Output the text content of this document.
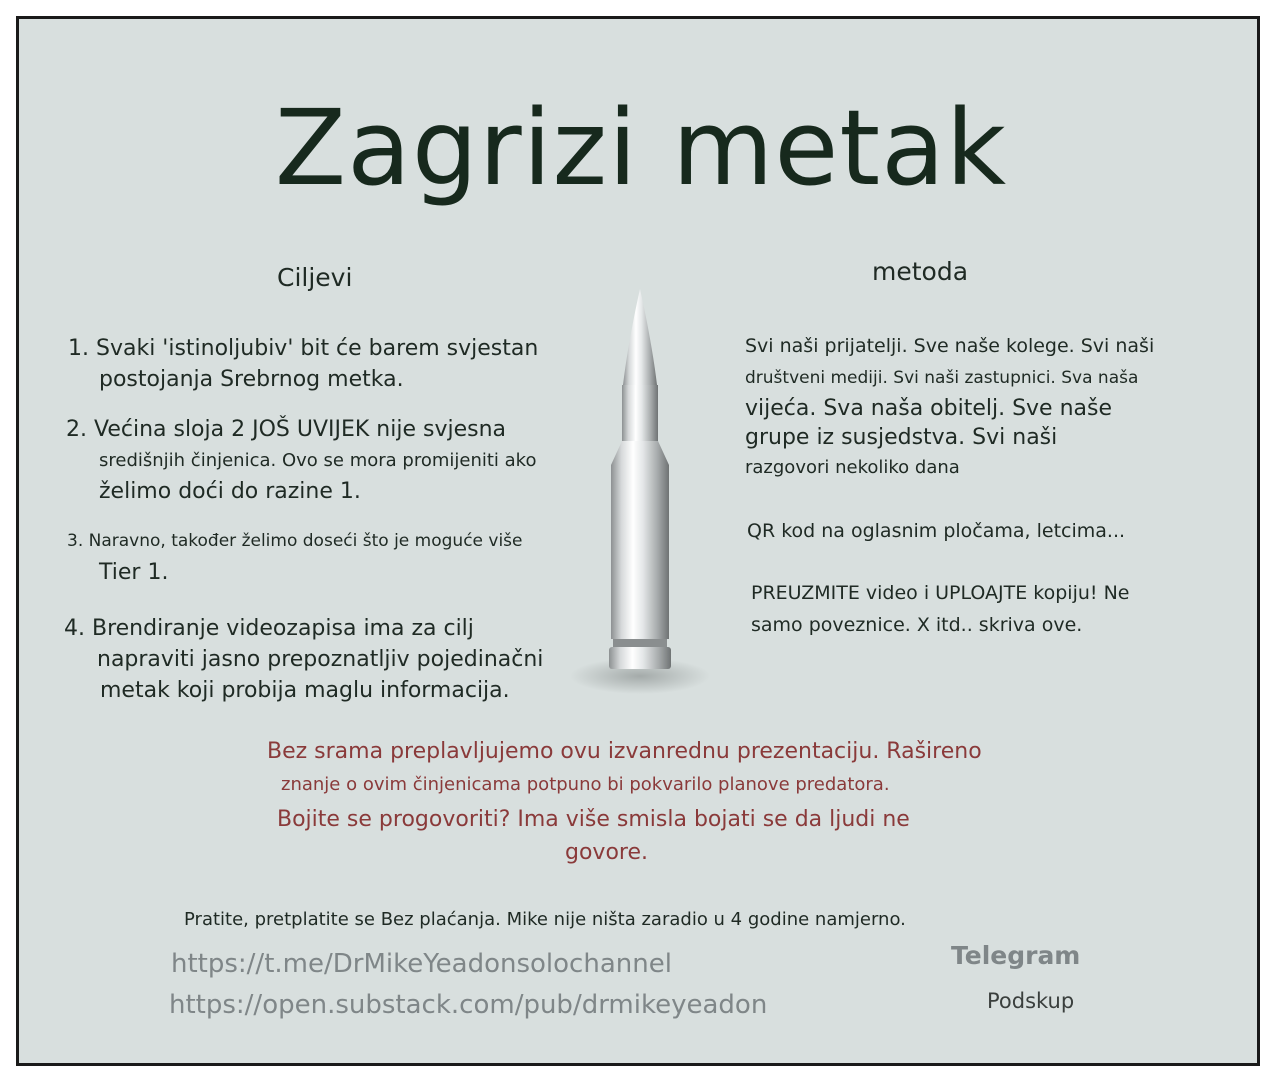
Zagrizi metak
Ciljevi
1. Svaki 'istinoljubiv' bit će barem svjestan
postojanja Srebrnog metka.
2. Većina sloja 2 JOŠ UVIJEK nije svjesna
središnjih činjenica. Ovo se mora promijeniti ako
želimo doći do razine 1.
3. Naravno, također želimo doseći što je moguće više
Tier 1.
4. Brendiranje videozapisa ima za cilj
napraviti jasno prepoznatljiv pojedinačni
metak koji probija maglu informacija.
metoda
Svi naši prijatelji. Sve naše kolege. Svi naši
društveni mediji. Svi naši zastupnici. Sva naša
vijeća. Sva naša obitelj. Sve naše
grupe iz susjedstva. Svi naši
razgovori nekoliko dana
QR kod na oglasnim pločama, letcima...
PREUZMITE video i UPLOAJTE kopiju! Ne
samo poveznice. X itd.. skriva ove.
Bez srama preplavljujemo ovu izvanrednu prezentaciju. Rašireno
znanje o ovim činjenicama potpuno bi pokvarilo planove predatora.
Bojite se progovoriti? Ima više smisla bojati se da ljudi ne
govore.
Pratite, pretplatite se Bez plaćanja. Mike nije ništa zaradio u 4 godine namjerno.
https://t.me/DrMikeYeadonsolochannel
https://open.substack.com/pub/drmikeyeadon
Telegram
Podskup
